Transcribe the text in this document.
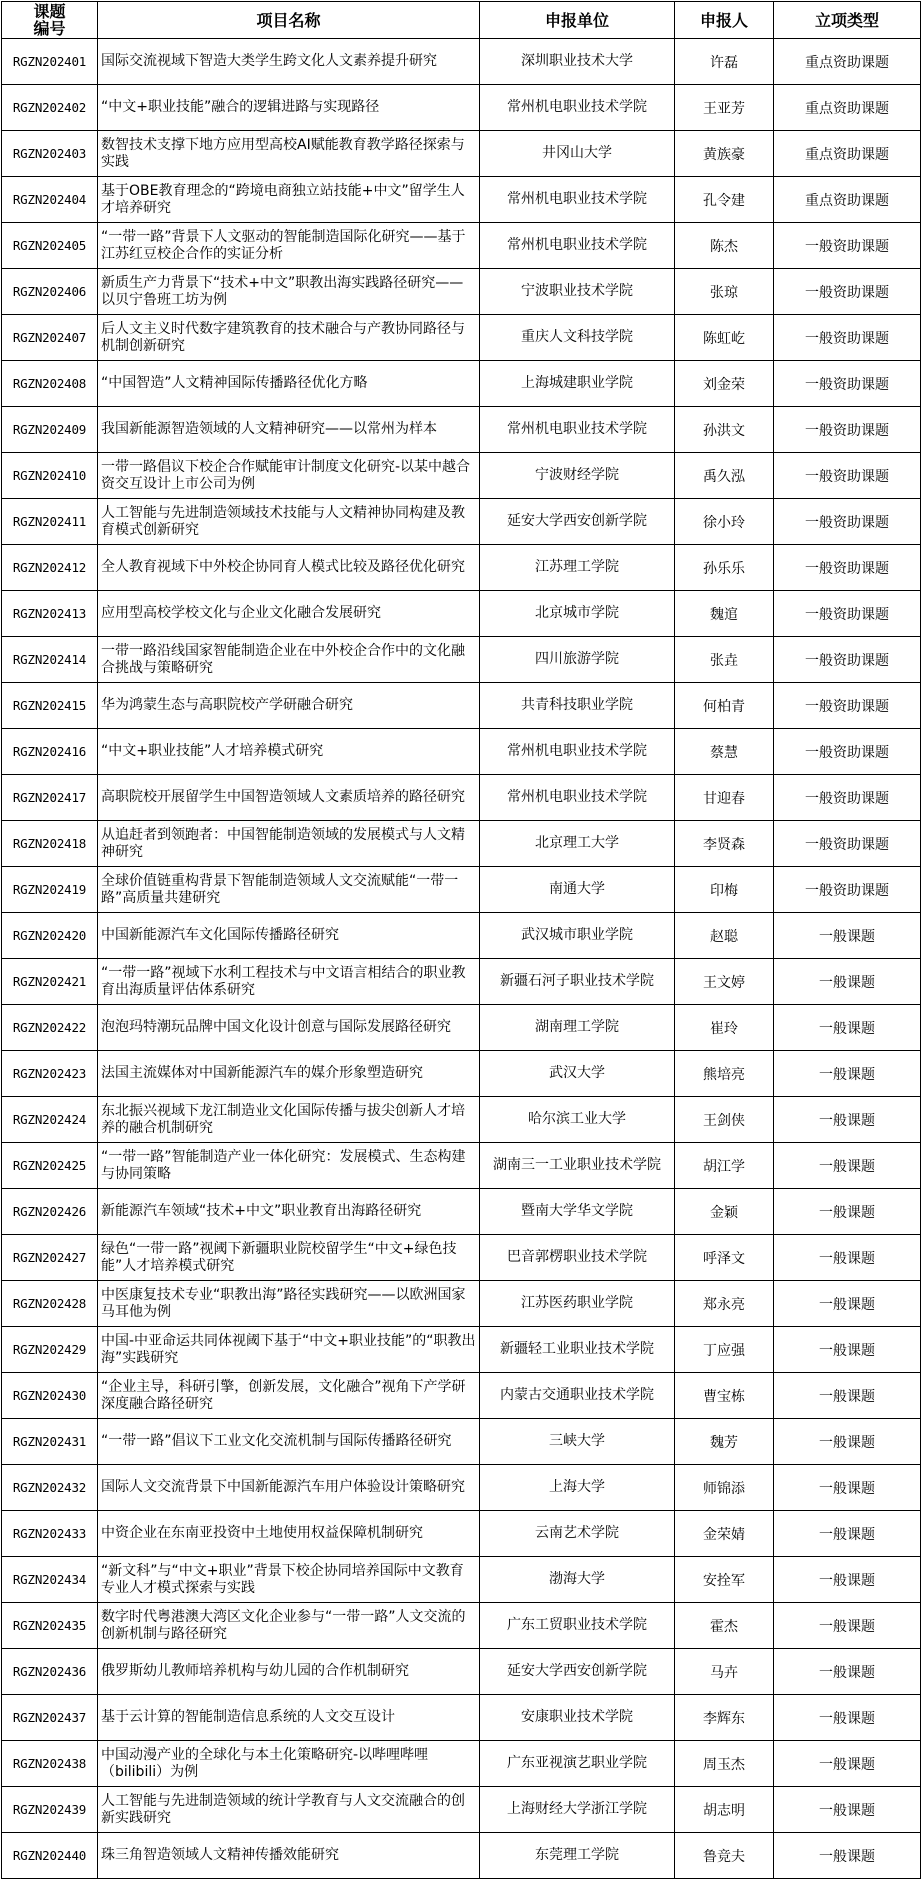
课题
编号	项目名称	申报单位	申报人	立项类型
RGZN202401	国际交流视域下智造大类学生跨文化人文素养提升研究	深圳职业技术大学	许磊	重点资助课题
RGZN202402	“中文+职业技能”融合的逻辑进路与实现路径	常州机电职业技术学院	王亚芳	重点资助课题
RGZN202403	数智技术支撑下地方应用型高校AI赋能教育教学路径探索与实践	井冈山大学	黄族豪	重点资助课题
RGZN202404	基于OBE教育理念的“跨境电商独立站技能+中文”留学生人才培养研究	常州机电职业技术学院	孔令建	重点资助课题
RGZN202405	“一带一路”背景下人文驱动的智能制造国际化研究——基于江苏红豆校企合作的实证分析	常州机电职业技术学院	陈杰	一般资助课题
RGZN202406	新质生产力背景下“技术+中文”职教出海实践路径研究——以贝宁鲁班工坊为例	宁波职业技术学院	张琼	一般资助课题
RGZN202407	后人文主义时代数字建筑教育的技术融合与产教协同路径与机制创新研究	重庆人文科技学院	陈虹屹	一般资助课题
RGZN202408	“中国智造”人文精神国际传播路径优化方略	上海城建职业学院	刘金荣	一般资助课题
RGZN202409	我国新能源智造领域的人文精神研究——以常州为样本	常州机电职业技术学院	孙洪文	一般资助课题
RGZN202410	一带一路倡议下校企合作赋能审计制度文化研究-以某中越合资交互设计上市公司为例	宁波财经学院	禹久泓	一般资助课题
RGZN202411	人工智能与先进制造领域技术技能与人文精神协同构建及教育模式创新研究	延安大学西安创新学院	徐小玲	一般资助课题
RGZN202412	全人教育视域下中外校企协同育人模式比较及路径优化研究	江苏理工学院	孙乐乐	一般资助课题
RGZN202413	应用型高校学校文化与企业文化融合发展研究	北京城市学院	魏逭	一般资助课题
RGZN202414	一带一路沿线国家智能制造企业在中外校企合作中的文化融合挑战与策略研究	四川旅游学院	张垚	一般资助课题
RGZN202415	华为鸿蒙生态与高职院校产学研融合研究	共青科技职业学院	何柏青	一般资助课题
RGZN202416	“中文+职业技能”人才培养模式研究	常州机电职业技术学院	蔡慧	一般资助课题
RGZN202417	高职院校开展留学生中国智造领域人文素质培养的路径研究	常州机电职业技术学院	甘迎春	一般资助课题
RGZN202418	从追赶者到领跑者：中国智能制造领域的发展模式与人文精神研究	北京理工大学	李贤森	一般资助课题
RGZN202419	全球价值链重构背景下智能制造领域人文交流赋能“一带一路”高质量共建研究	南通大学	印梅	一般资助课题
RGZN202420	中国新能源汽车文化国际传播路径研究	武汉城市职业学院	赵聪	一般课题
RGZN202421	“一带一路”视域下水利工程技术与中文语言相结合的职业教育出海质量评估体系研究	新疆石河子职业技术学院	王文婷	一般课题
RGZN202422	泡泡玛特潮玩品牌中国文化设计创意与国际发展路径研究	湖南理工学院	崔玲	一般课题
RGZN202423	法国主流媒体对中国新能源汽车的媒介形象塑造研究	武汉大学	熊培亮	一般课题
RGZN202424	东北振兴视域下龙江制造业文化国际传播与拔尖创新人才培养的融合机制研究	哈尔滨工业大学	王剑侠	一般课题
RGZN202425	“一带一路”智能制造产业一体化研究：发展模式、生态构建与协同策略	湖南三一工业职业技术学院	胡江学	一般课题
RGZN202426	新能源汽车领域“技术+中文”职业教育出海路径研究	暨南大学华文学院	金颖	一般课题
RGZN202427	绿色“一带一路”视阈下新疆职业院校留学生“中文+绿色技能”人才培养模式研究	巴音郭楞职业技术学院	呼泽文	一般课题
RGZN202428	中医康复技术专业“职教出海”路径实践研究——以欧洲国家马耳他为例	江苏医药职业学院	郑永亮	一般课题
RGZN202429	中国-中亚命运共同体视阈下基于“中文+职业技能”的“职教出海”实践研究	新疆轻工业职业技术学院	丁应强	一般课题
RGZN202430	“企业主导，科研引擎，创新发展，文化融合”视角下产学研深度融合路径研究	内蒙古交通职业技术学院	曹宝栋	一般课题
RGZN202431	“一带一路”倡议下工业文化交流机制与国际传播路径研究	三峡大学	魏芳	一般课题
RGZN202432	国际人文交流背景下中国新能源汽车用户体验设计策略研究	上海大学	师锦添	一般课题
RGZN202433	中资企业在东南亚投资中土地使用权益保障机制研究	云南艺术学院	金荣婧	一般课题
RGZN202434	“新文科”与“中文+职业”背景下校企协同培养国际中文教育专业人才模式探索与实践	渤海大学	安拴军	一般课题
RGZN202435	数字时代粤港澳大湾区文化企业参与“一带一路”人文交流的创新机制与路径研究	广东工贸职业技术学院	霍杰	一般课题
RGZN202436	俄罗斯幼儿教师培养机构与幼儿园的合作机制研究	延安大学西安创新学院	马卉	一般课题
RGZN202437	基于云计算的智能制造信息系统的人文交互设计	安康职业技术学院	李辉东	一般课题
RGZN202438	中国动漫产业的全球化与本土化策略研究-以哔哩哔哩（bilibili）为例	广东亚视演艺职业学院	周玉杰	一般课题
RGZN202439	人工智能与先进制造领域的统计学教育与人文交流融合的创新实践研究	上海财经大学浙江学院	胡志明	一般课题
RGZN202440	珠三角智造领域人文精神传播效能研究	东莞理工学院	鲁竞夫	一般课题
